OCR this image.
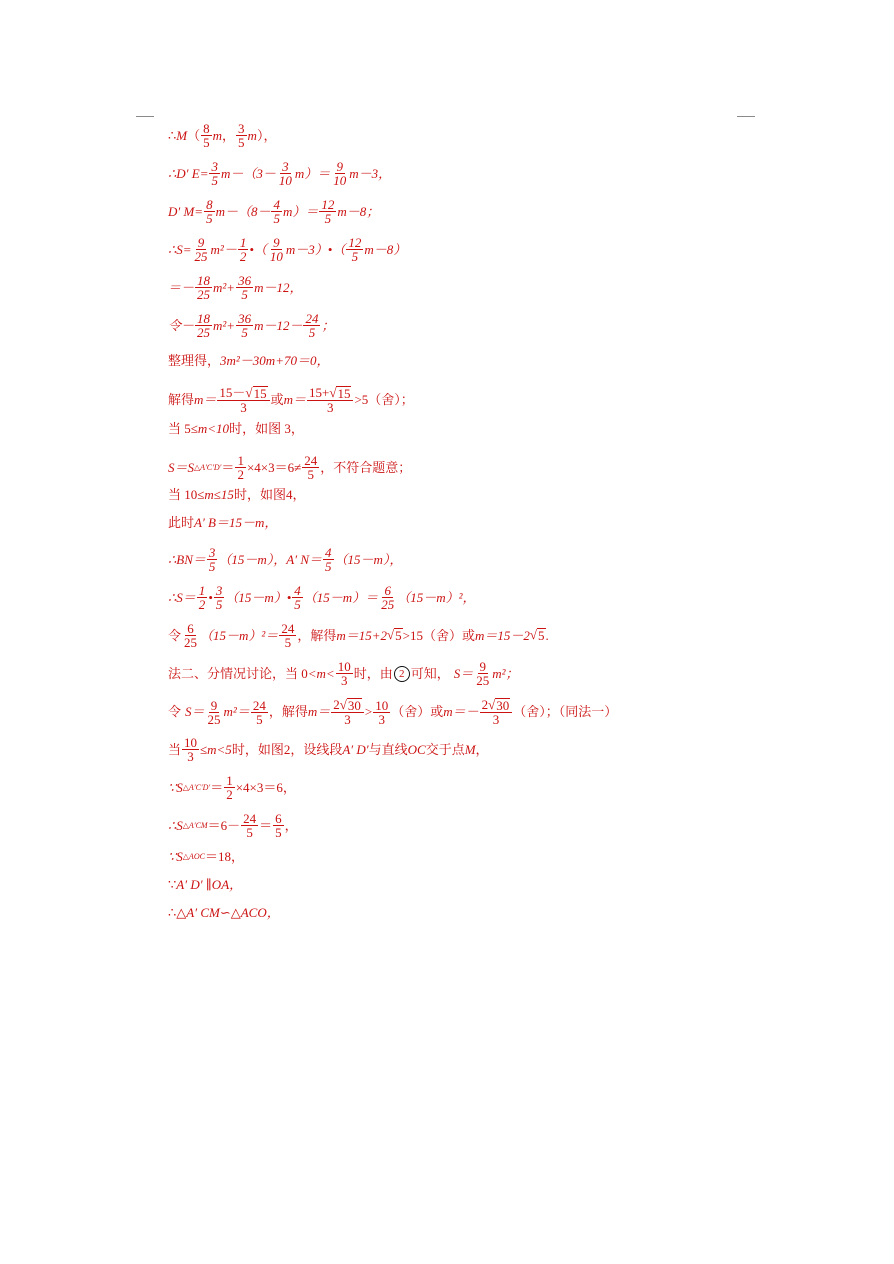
∴ M （ $\frac{8}{5}$ m ， $\frac{3}{5}$ m ），
∴D′ $E= \frac{3}{5} m-(3- \frac{3}{10} m)= \frac{9}{10} m-3$，
D′ $M= \frac{8}{5} m-(8- \frac{4}{5} m)= \frac{12}{5} m-8$；
∴S= $\frac{9}{25} m^2- \frac{1}{2}$ •（ $\frac{9}{10}$ m－3）•（ $\frac{12}{5} m-8$）
＝－ $\frac{18}{25} m^2+ \frac{36}{5} m-12$，
令－ $\frac{18}{25} m^2+ \frac{36}{5} m-12- \frac{24}{5}$ ；
整理得， 3m²－30m+70＝0，
解得 $m= \frac{15-√ 15}{3}$ 或 $m= \frac{15+√ 15}{3} >5$（舍）；
当 5 ≤m<10 时，如图 3，
S＝S △A′C′D′ ＝ $\frac{1}{2} \times 4\times 3=6\ne \frac{24}{5}$ ，不符合题意；
当 10 ≤m≤15 时，如图4，
此时 A′ B＝15－m，
∴BN＝ $\frac{3}{5} (15-m)$，A′ $N= \frac{4}{5} (15-m)$，
∴S＝ $\frac{1}{2}$ • $\frac{3}{5}$ （15－m）• $\frac{4}{5} (15-m)= \frac{6}{25} (15-m)^2$，
令 $\frac{6}{25} (15-m)^2= \frac{24}{5}$ ，解得 m＝15+2 √ 5 >15（舍）或 m＝15－2 √ 5 .
法二、分情况讨论，当 $0 <m< \frac{10}{3}$ 时，由 2 可知， $S= \frac{9}{25} m^2$；
令 $S= \frac{9}{25} m^2= \frac{24}{5}$ ，解得 $m= \frac{2√ 30}{3} > \frac{10}{3}$ （舍）或 $m=- \frac{2√ 30}{3}$ （舍）；（同法一）
当 $\frac{10}{3} \le m<5$ 时，如图2，设线段 A′ D′ 与直线 OC 交于点 M ，
∵S △A′C′D′ ＝ $\frac{1}{2} \times 4\times 3=6$，
∴S △A′CM $=6- \frac{24}{5} = \frac{6}{5}$ ，
∵S △AOC ＝18，
∵ A′ D′ ∥OA，
∴△ A′ CM∽△ACO，
